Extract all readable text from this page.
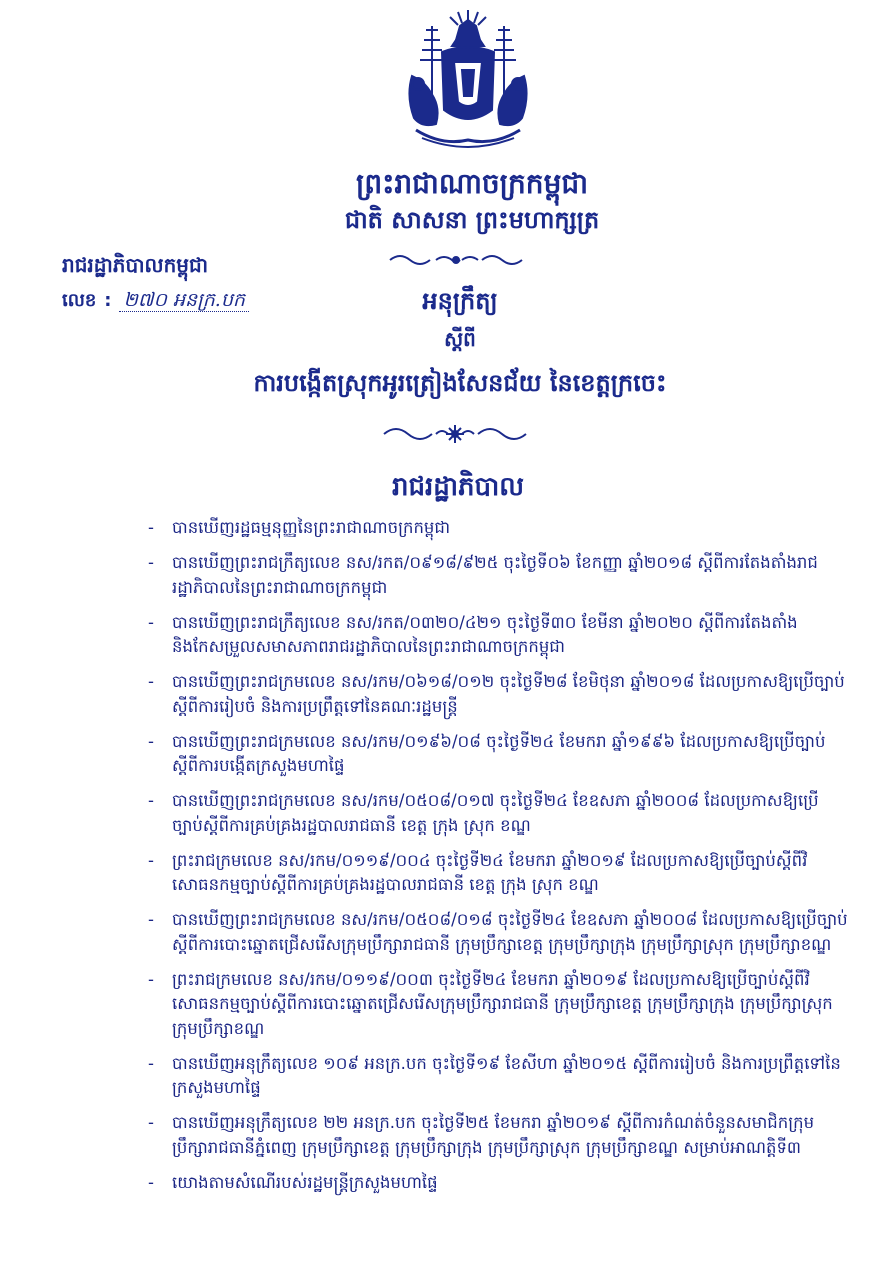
ព្រះរាជាណាចក្រកម្ពុជា
ជាតិ សាសនា ព្រះមហាក្សត្រ
រាជរដ្ឋាភិបាលកម្ពុជា
លេខ : ២៧០ អនក្រ.បក	អនុក្រឹត្យ
ស្តីពី
ការបង្កើតស្រុកអូរត្រៀងសែនជ័យ នៃខេត្តក្រចេះ
រាជរដ្ឋាភិបាល
- បានឃើញរដ្ឋធម្មនុញ្ញនៃព្រះរាជាណាចក្រកម្ពុជា
- បានឃើញព្រះរាជក្រឹត្យលេខ នស/រកត/០៩១៨/៩២៥ ចុះថ្ងៃទី០៦ ខែកញ្ញា ឆ្នាំ២០១៨ ស្តីពីការតែងតាំងរាជរដ្ឋាភិបាលនៃព្រះរាជាណាចក្រកម្ពុជា
- បានឃើញព្រះរាជក្រឹត្យលេខ នស/រកត/០៣២០/៤២១ ចុះថ្ងៃទី៣០ ខែមីនា ឆ្នាំ២០២០ ស្តីពីការតែងតាំង និងកែសម្រួលសមាសភាពរាជរដ្ឋាភិបាលនៃព្រះរាជាណាចក្រកម្ពុជា
- បានឃើញព្រះរាជក្រមលេខ នស/រកម/០៦១៨/០១២ ចុះថ្ងៃទី២៨ ខែមិថុនា ឆ្នាំ២០១៨ ដែលប្រកាសឱ្យប្រើច្បាប់ស្តីពីការរៀបចំ និងការប្រព្រឹត្តទៅនៃគណៈរដ្ឋមន្ត្រី
- បានឃើញព្រះរាជក្រមលេខ នស/រកម/០១៩៦/០៨ ចុះថ្ងៃទី២៤ ខែមករា ឆ្នាំ១៩៩៦ ដែលប្រកាសឱ្យប្រើច្បាប់ស្តីពីការបង្កើតក្រសួងមហាផ្ទៃ
- បានឃើញព្រះរាជក្រមលេខ នស/រកម/០៥០៨/០១៧ ចុះថ្ងៃទី២៤ ខែឧសភា ឆ្នាំ២០០៨ ដែលប្រកាសឱ្យប្រើច្បាប់ស្តីពីការគ្រប់គ្រងរដ្ឋបាលរាជធានី ខេត្ត ក្រុង ស្រុក ខណ្ឌ
- ព្រះរាជក្រមលេខ នស/រកម/០១១៩/០០៤ ចុះថ្ងៃទី២៤ ខែមករា ឆ្នាំ២០១៩ ដែលប្រកាសឱ្យប្រើច្បាប់ស្តីពីវិសោធនកម្មច្បាប់ស្តីពីការគ្រប់គ្រងរដ្ឋបាលរាជធានី ខេត្ត ក្រុង ស្រុក ខណ្ឌ
- បានឃើញព្រះរាជក្រមលេខ នស/រកម/០៥០៨/០១៨ ចុះថ្ងៃទី២៤ ខែឧសភា ឆ្នាំ២០០៨ ដែលប្រកាសឱ្យប្រើច្បាប់ស្តីពីការបោះឆ្នោតជ្រើសរើសក្រុមប្រឹក្សារាជធានី ក្រុមប្រឹក្សាខេត្ត ក្រុមប្រឹក្សាក្រុង ក្រុមប្រឹក្សាស្រុក ក្រុមប្រឹក្សាខណ្ឌ
- ព្រះរាជក្រមលេខ នស/រកម/០១១៩/០០៣ ចុះថ្ងៃទី២៤ ខែមករា ឆ្នាំ២០១៩ ដែលប្រកាសឱ្យប្រើច្បាប់ស្តីពីវិសោធនកម្មច្បាប់ស្តីពីការបោះឆ្នោតជ្រើសរើសក្រុមប្រឹក្សារាជធានី ក្រុមប្រឹក្សាខេត្ត ក្រុមប្រឹក្សាក្រុង ក្រុមប្រឹក្សាស្រុក ក្រុមប្រឹក្សាខណ្ឌ
- បានឃើញអនុក្រឹត្យលេខ ១០៩ អនក្រ.បក ចុះថ្ងៃទី១៩ ខែសីហា ឆ្នាំ២០១៥ ស្តីពីការរៀបចំ និងការប្រព្រឹត្តទៅនៃក្រសួងមហាផ្ទៃ
- បានឃើញអនុក្រឹត្យលេខ ២២ អនក្រ.បក ចុះថ្ងៃទី២៥ ខែមករា ឆ្នាំ២០១៩ ស្តីពីការកំណត់ចំនួនសមាជិកក្រុមប្រឹក្សារាជធានីភ្នំពេញ ក្រុមប្រឹក្សាខេត្ត ក្រុមប្រឹក្សាក្រុង ក្រុមប្រឹក្សាស្រុក ក្រុមប្រឹក្សាខណ្ឌ សម្រាប់អាណត្តិទី៣
- យោងតាមសំណើរបស់រដ្ឋមន្ត្រីក្រសួងមហាផ្ទៃ
